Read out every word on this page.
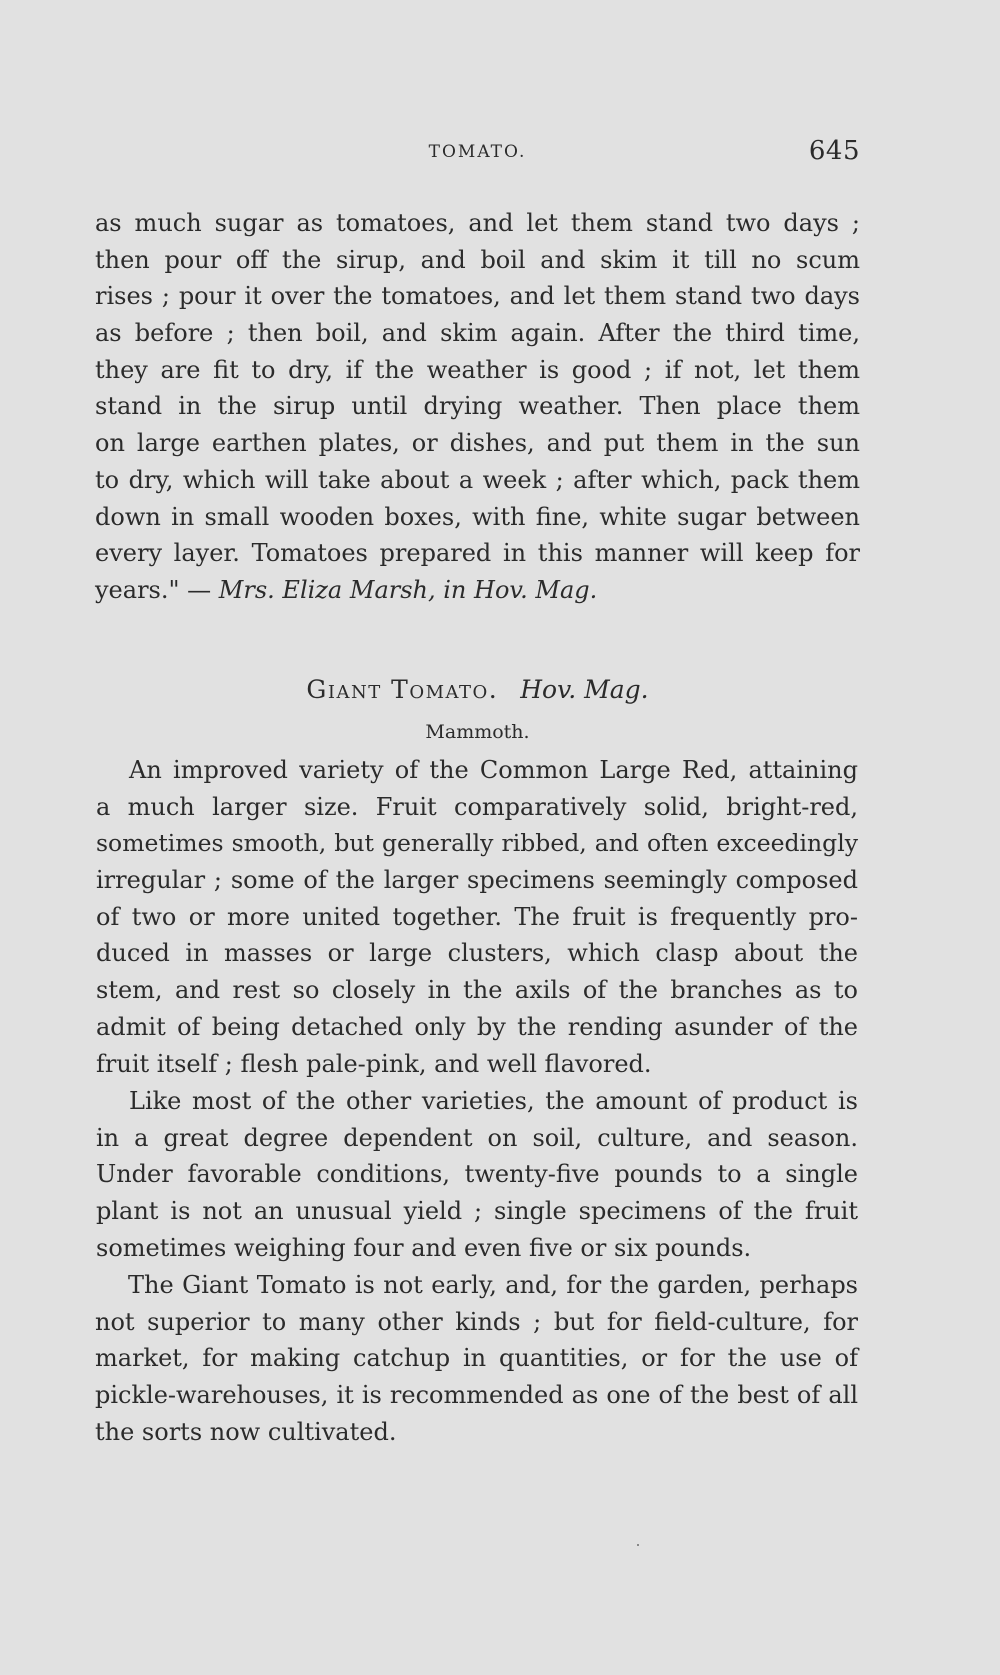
TOMATO.	645
as much sugar as tomatoes, and let them stand two days ;
then pour off the sirup, and boil and skim it till no scum
rises ; pour it over the tomatoes, and let them stand two days
as before ; then boil, and skim again. After the third time,
they are fit to dry, if the weather is good ; if not, let them
stand in the sirup until drying weather. Then place them
on large earthen plates, or dishes, and put them in the sun
to dry, which will take about a week ; after which, pack them
down in small wooden boxes, with fine, white sugar between
every layer. Tomatoes prepared in this manner will keep for
years." — Mrs. Eliza Marsh, in Hov. Mag.
Giant Tomato. Hov. Mag.
Mammoth.
An improved variety of the Common Large Red, attaining
a much larger size. Fruit comparatively solid, bright-red,
sometimes smooth, but generally ribbed, and often exceedingly
irregular ; some of the larger specimens seemingly composed
of two or more united together. The fruit is frequently pro-
duced in masses or large clusters, which clasp about the
stem, and rest so closely in the axils of the branches as to
admit of being detached only by the rending asunder of the
fruit itself ; flesh pale-pink, and well flavored.
Like most of the other varieties, the amount of product is
in a great degree dependent on soil, culture, and season.
Under favorable conditions, twenty-five pounds to a single
plant is not an unusual yield ; single specimens of the fruit
sometimes weighing four and even five or six pounds.
The Giant Tomato is not early, and, for the garden, perhaps
not superior to many other kinds ; but for field-culture, for
market, for making catchup in quantities, or for the use of
pickle-warehouses, it is recommended as one of the best of all
the sorts now cultivated.
